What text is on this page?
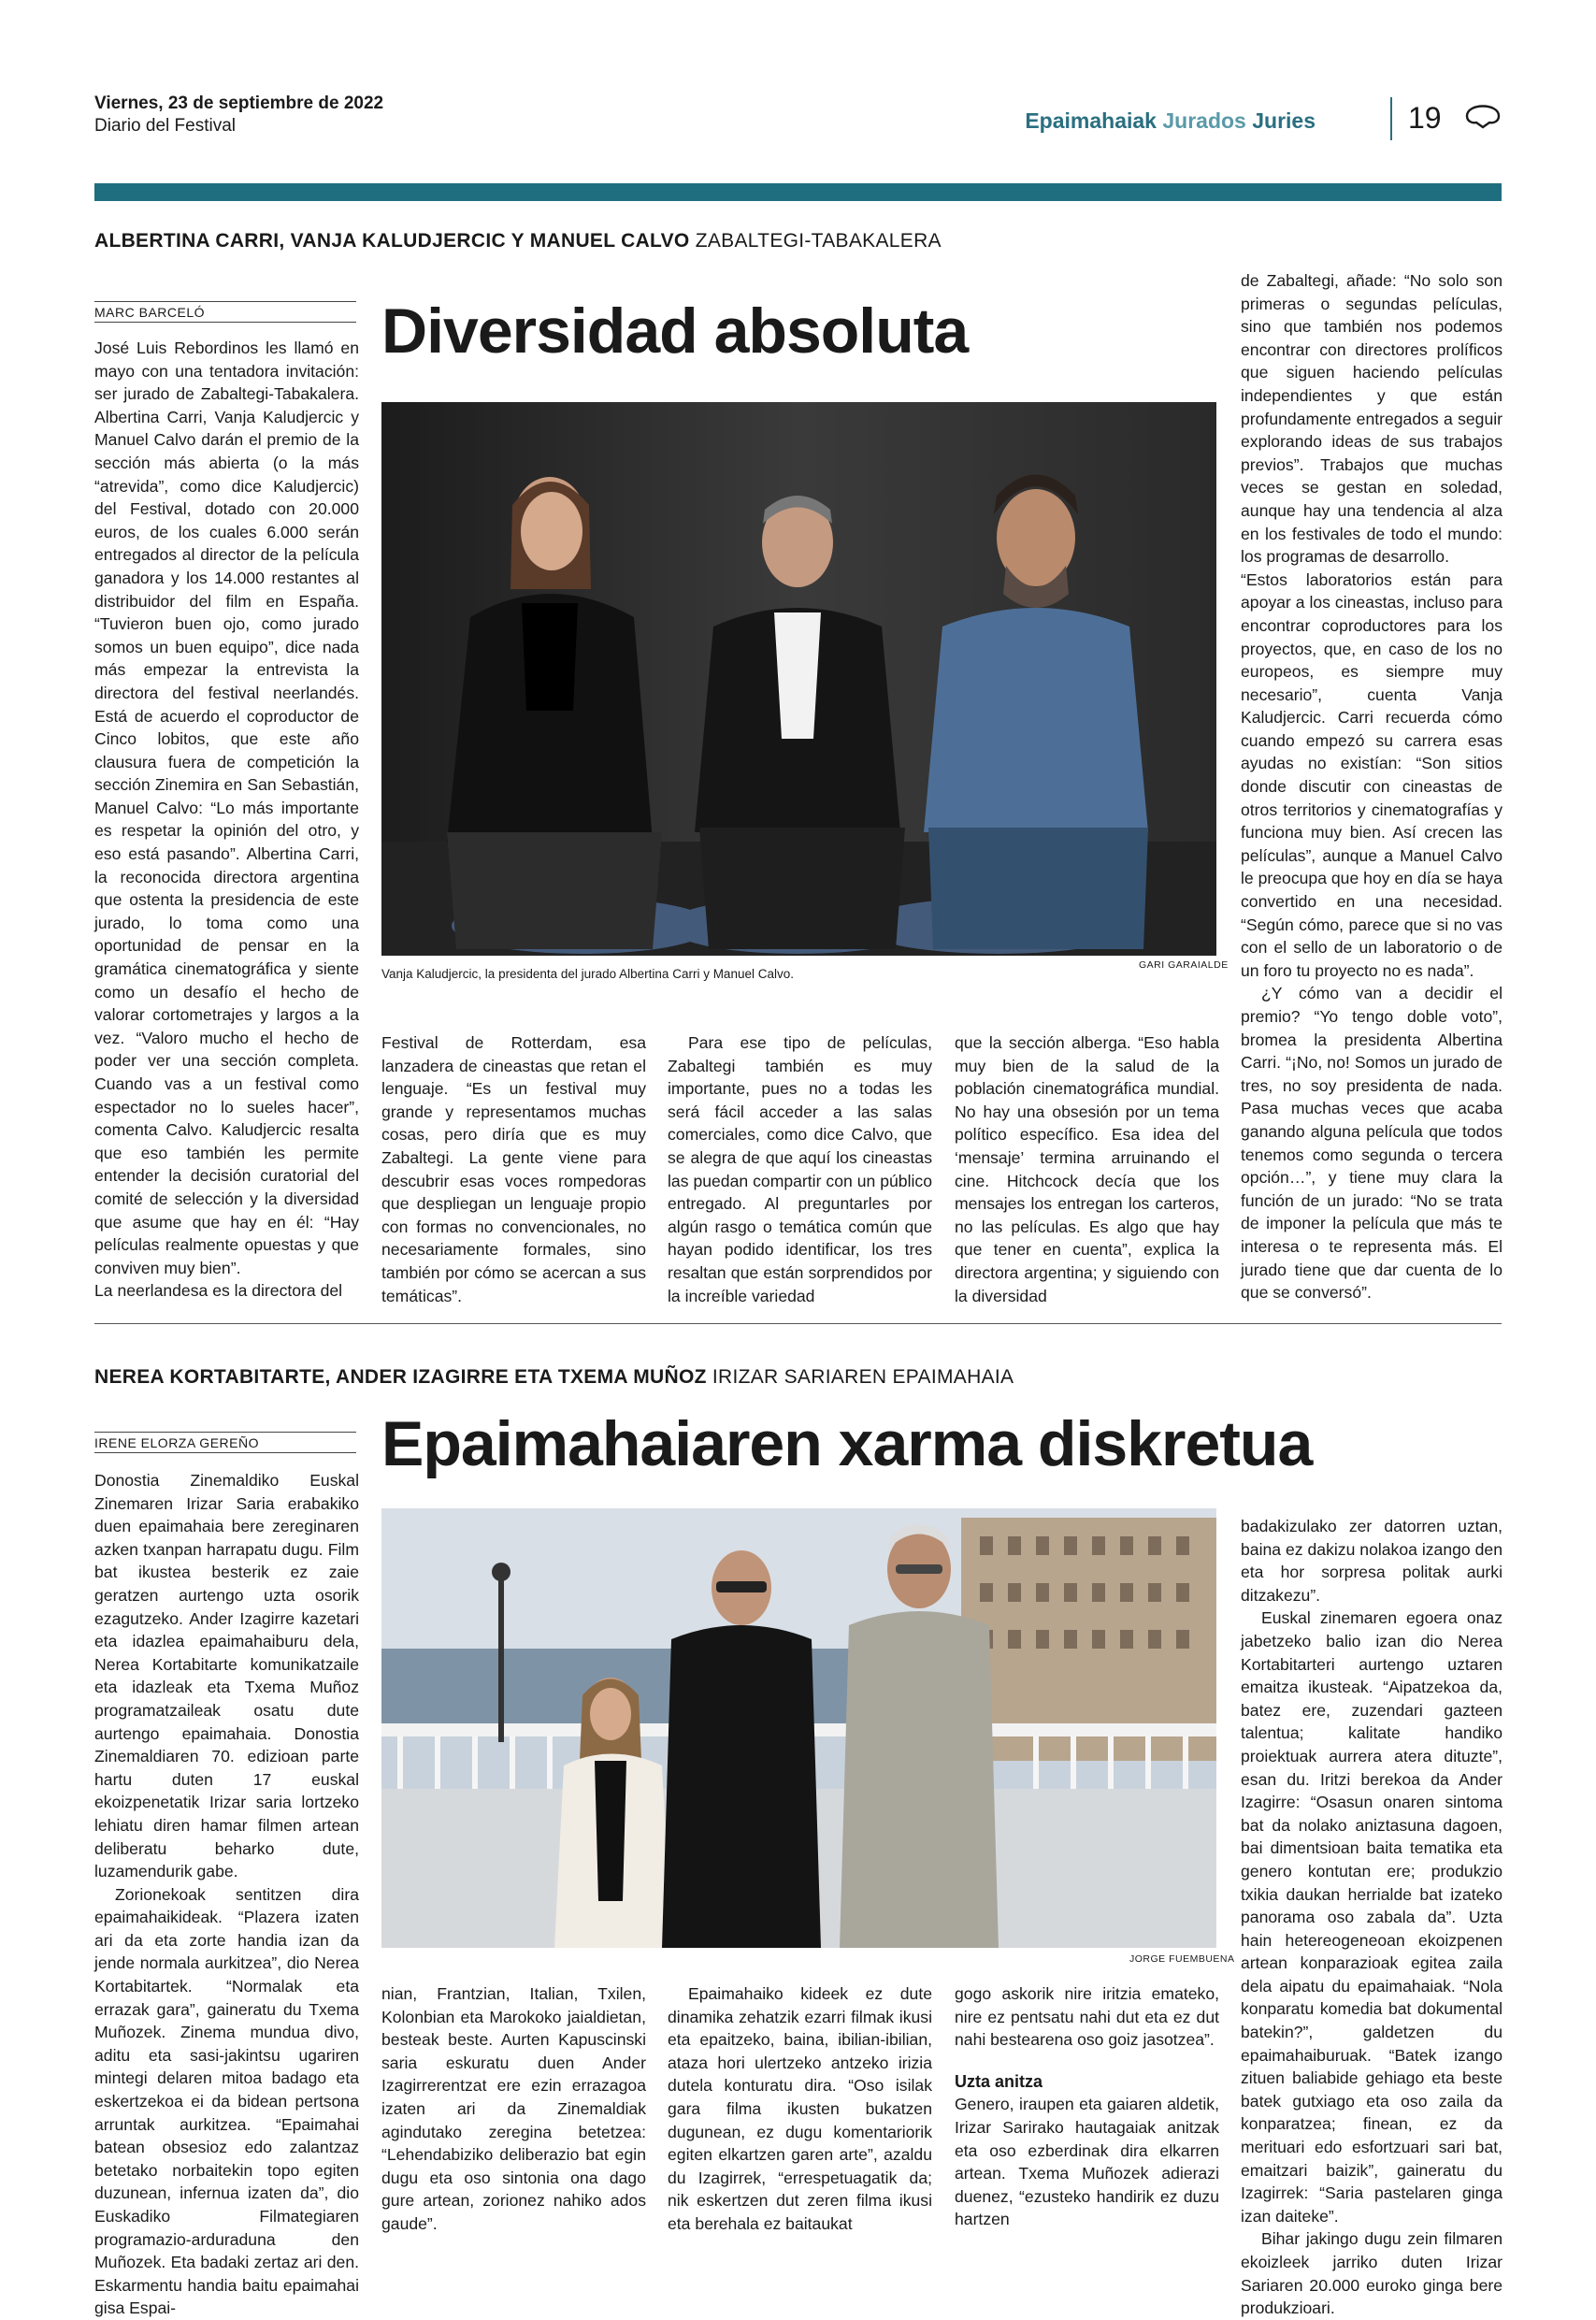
Viernes, 23 de septiembre de 2022
Diario del Festival	Epaimahaiak Jurados Juries	19
ALBERTINA CARRI, VANJA KALUDJERCIC Y MANUEL CALVO ZABALTEGI-TABAKALERA
MARC BARCELÓ	Diversidad absoluta
Vanja Kaludjercic, la presidenta del jurado Albertina Carri y Manuel Calvo.
GARI GARAIALDE

José Luis Rebordinos les llamó en mayo con una tentadora invitación: ser jurado de Zabaltegi-Tabakalera. Albertina Carri, Vanja Kaludjercic y Manuel Calvo darán el premio de la sección más abierta (o la más “atrevida”, como dice Kaludjercic) del Festival, dotado con 20.000 euros, de los cuales 6.000 serán entregados al director de la película ganadora y los 14.000 restantes al distribuidor del film en España. “Tuvieron buen ojo, como jurado somos un buen equipo”, dice nada más empezar la entrevista la directora del festival neerlandés. Está de acuerdo el coproductor de Cinco lobitos, que este año clausura fuera de competición la sección Zinemira en San Sebastián, Manuel Calvo: “Lo más importante es respetar la opinión del otro, y eso está pasando”. Albertina Carri, la reconocida directora argentina que ostenta la presidencia de este jurado, lo toma como una oportunidad de pensar en la gramática cinematográfica y siente como un desafío el hecho de valorar cortometrajes y largos a la vez. “Valoro mucho el hecho de poder ver una sección completa. Cuando vas a un festival como espectador no lo sueles hacer”, comenta Calvo. Kaludjercic resalta que eso también les permite entender la decisión curatorial del comité de selección y la diversidad que asume que hay en él: “Hay películas realmente opuestas y que conviven muy bien”.

La neerlandesa es la directora del

Festival de Rotterdam, esa lanzadera de cineastas que retan el lenguaje. “Es un festival muy grande y representamos muchas cosas, pero diría que es muy Zabaltegi. La gente viene para descubrir esas voces rompedoras que despliegan un lenguaje propio con formas no convencionales, no necesariamente formales, sino también por cómo se acercan a sus temáticas”.

Para ese tipo de películas, Zabaltegi también es muy importante, pues no a todas les será fácil acceder a las salas comerciales, como dice Calvo, que se alegra de que aquí los cineastas las puedan compartir con un público entregado. Al preguntarles por algún rasgo o temática común que hayan podido identificar, los tres resaltan que están sorprendidos por la increíble variedad

que la sección alberga. “Eso habla muy bien de la salud de la población cinematográfica mundial. No hay una obsesión por un tema político específico. Esa idea del ‘mensaje’ termina arruinando el cine. Hitchcock decía que los mensajes los entregan los carteros, no las películas. Es algo que hay que tener en cuenta”, explica la directora argentina; y siguiendo con la diversidad

de Zabaltegi, añade: “No solo son primeras o segundas películas, sino que también nos podemos encontrar con directores prolíficos que siguen haciendo películas independientes y que están profundamente entregados a seguir explorando ideas de sus trabajos previos”. Trabajos que muchas veces se gestan en soledad, aunque hay una tendencia al alza en los festivales de todo el mundo: los programas de desarrollo.

“Estos laboratorios están para apoyar a los cineastas, incluso para encontrar coproductores para los proyectos, que, en caso de los no europeos, es siempre muy necesario”, cuenta Vanja Kaludjercic. Carri recuerda cómo cuando empezó su carrera esas ayudas no existían: “Son sitios donde discutir con cineastas de otros territorios y cinematografías y funciona muy bien. Así crecen las películas”, aunque a Manuel Calvo le preocupa que hoy en día se haya convertido en una necesidad. “Según cómo, parece que si no vas con el sello de un laboratorio o de un foro tu proyecto no es nada”.

¿Y cómo van a decidir el premio? “Yo tengo doble voto”, bromea la presidenta Albertina Carri. “¡No, no! Somos un jurado de tres, no soy presidenta de nada. Pasa muchas veces que acaba ganando alguna película que todos tenemos como segunda o tercera opción…”, y tiene muy clara la función de un jurado: “No se trata de imponer la película que más te interesa o te representa más. El jurado tiene que dar cuenta de lo que se conversó”.

NEREA KORTABITARTE, ANDER IZAGIRRE ETA TXEMA MUÑOZ IRIZAR SARIAREN EPAIMAHAIA
IRENE ELORZA GEREÑO	Epaimahaiaren xarma diskretua
JORGE FUEMBUENA

Donostia Zinemaldiko Euskal Zinemaren Irizar Saria erabakiko duen epaimahaia bere zereginaren azken txanpan harrapatu dugu. Film bat ikustea besterik ez zaie geratzen aurtengo uzta osorik ezagutzeko. Ander Izagirre kazetari eta idazlea epaimahaiburu dela, Nerea Kortabitarte komunikatzaile eta idazleak eta Txema Muñoz programatzaileak osatu dute aurtengo epaimahaia. Donostia Zinemaldiaren 70. edizioan parte hartu duten 17 euskal ekoizpenetatik Irizar saria lortzeko lehiatu diren hamar filmen artean deliberatu beharko dute, luzamendurik gabe.

Zorionekoak sentitzen dira epaimahaikideak. “Plazera izaten ari da eta zorte handia izan da jende normala aurkitzea”, dio Nerea Kortabitartek. “Normalak eta errazak gara”, gaineratu du Txema Muñozek. Zinema mundua divo, aditu eta sasi-jakintsu ugariren mintegi delaren mitoa badago eta eskertzekoa ei da bidean pertsona arruntak aurkitzea. “Epaimahai batean obsesioz edo zalantzaz betetako norbaitekin topo egiten duzunean, infernua izaten da”, dio Euskadiko Filmategiaren programazio-arduraduna den Muñozek. Eta badaki zertaz ari den. Eskarmentu handia baitu epaimahai gisa Espai-

nian, Frantzian, Italian, Txilen, Kolonbian eta Marokoko jaialdietan, besteak beste. Aurten Kapuscinski saria eskuratu duen Ander Izagirrerentzat ere ezin errazagoa izaten ari da Zinemaldiak agindutako zeregina betetzea: “Lehendabiziko deliberazio bat egin dugu eta oso sintonia ona dago gure artean, zorionez nahiko ados gaude”.

Epaimahaiko kideek ez dute dinamika zehatzik ezarri filmak ikusi eta epaitzeko, baina, ibilian-ibilian, ataza hori ulertzeko antzeko irizia dutela konturatu dira. “Oso isilak gara filma ikusten bukatzen dugunean, ez dugu komentariorik egiten elkartzen garen arte”, azaldu du Izagirrek, “errespetuagatik da; nik eskertzen dut zeren filma ikusi eta berehala ez baitaukat

gogo askorik nire iritzia emateko, nire ez pentsatu nahi dut eta ez dut nahi bestearena oso goiz jasotzea”.

Uzta anitza

Genero, iraupen eta gaiaren aldetik, Irizar Sarirako hautagaiak anitzak eta oso ezberdinak dira elkarren artean. Txema Muñozek adierazi duenez, “ezusteko handirik ez duzu hartzen

badakizulako zer datorren uztan, baina ez dakizu nolakoa izango den eta hor sorpresa politak aurki ditzakezu”.

Euskal zinemaren egoera onaz jabetzeko balio izan dio Nerea Kortabitarteri aurtengo uztaren emaitza ikusteak. “Aipatzekoa da, batez ere, zuzendari gazteen talentua; kalitate handiko proiektuak aurrera atera dituzte”, esan du. Iritzi berekoa da Ander Izagirre: “Osasun onaren sintoma bat da nolako aniztasuna dagoen, bai dimentsioan baita tematika eta genero kontutan ere; produkzio txikia daukan herrialde bat izateko panorama oso zabala da”. Uzta hain hetereogeneoan ekoizpenen artean konparazioak egitea zaila dela aipatu du epaimahaiak. “Nola konparatu komedia bat dokumental batekin?”, galdetzen du epaimahaiburuak. “Batek izango zituen baliabide gehiago eta beste batek gutxiago eta oso zaila da konparatzea; finean, ez da merituari edo esfortzuari sari bat, emaitzari baizik”, gaineratu du Izagirrek: “Saria pastelaren ginga izan daiteke”.

Bihar jakingo dugu zein filmaren ekoizleek jarriko duten Irizar Sariaren 20.000 euroko ginga bere produkzioari.
